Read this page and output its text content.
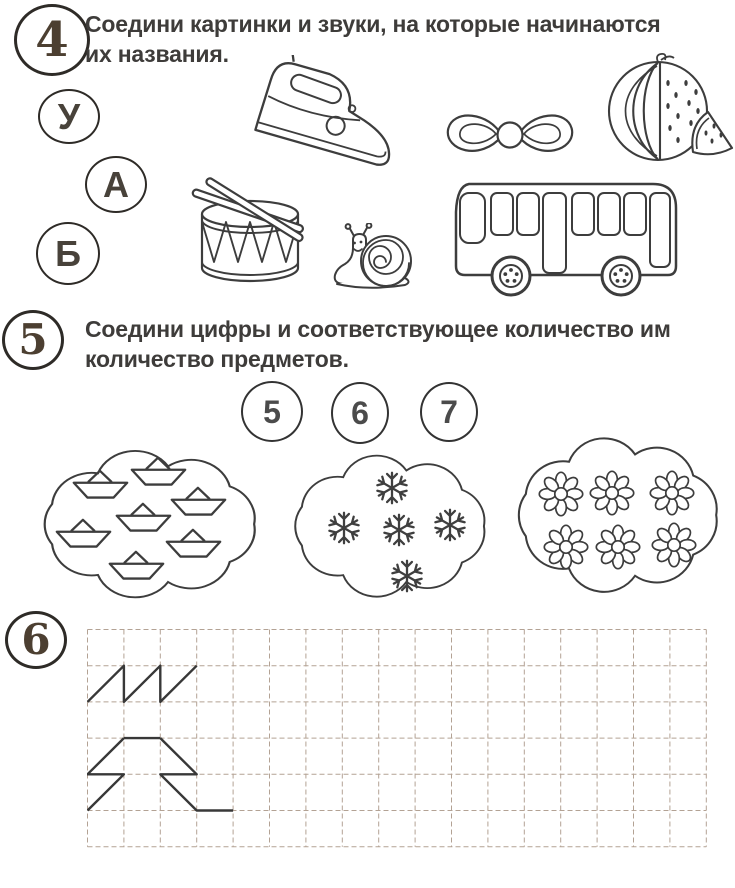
4 Соедини картинки и звуки, на которые начинаются
их названия.
У
А
Б
5 Соедини цифры и соответствующее количество им
количество предметов.
5 6 7
6
